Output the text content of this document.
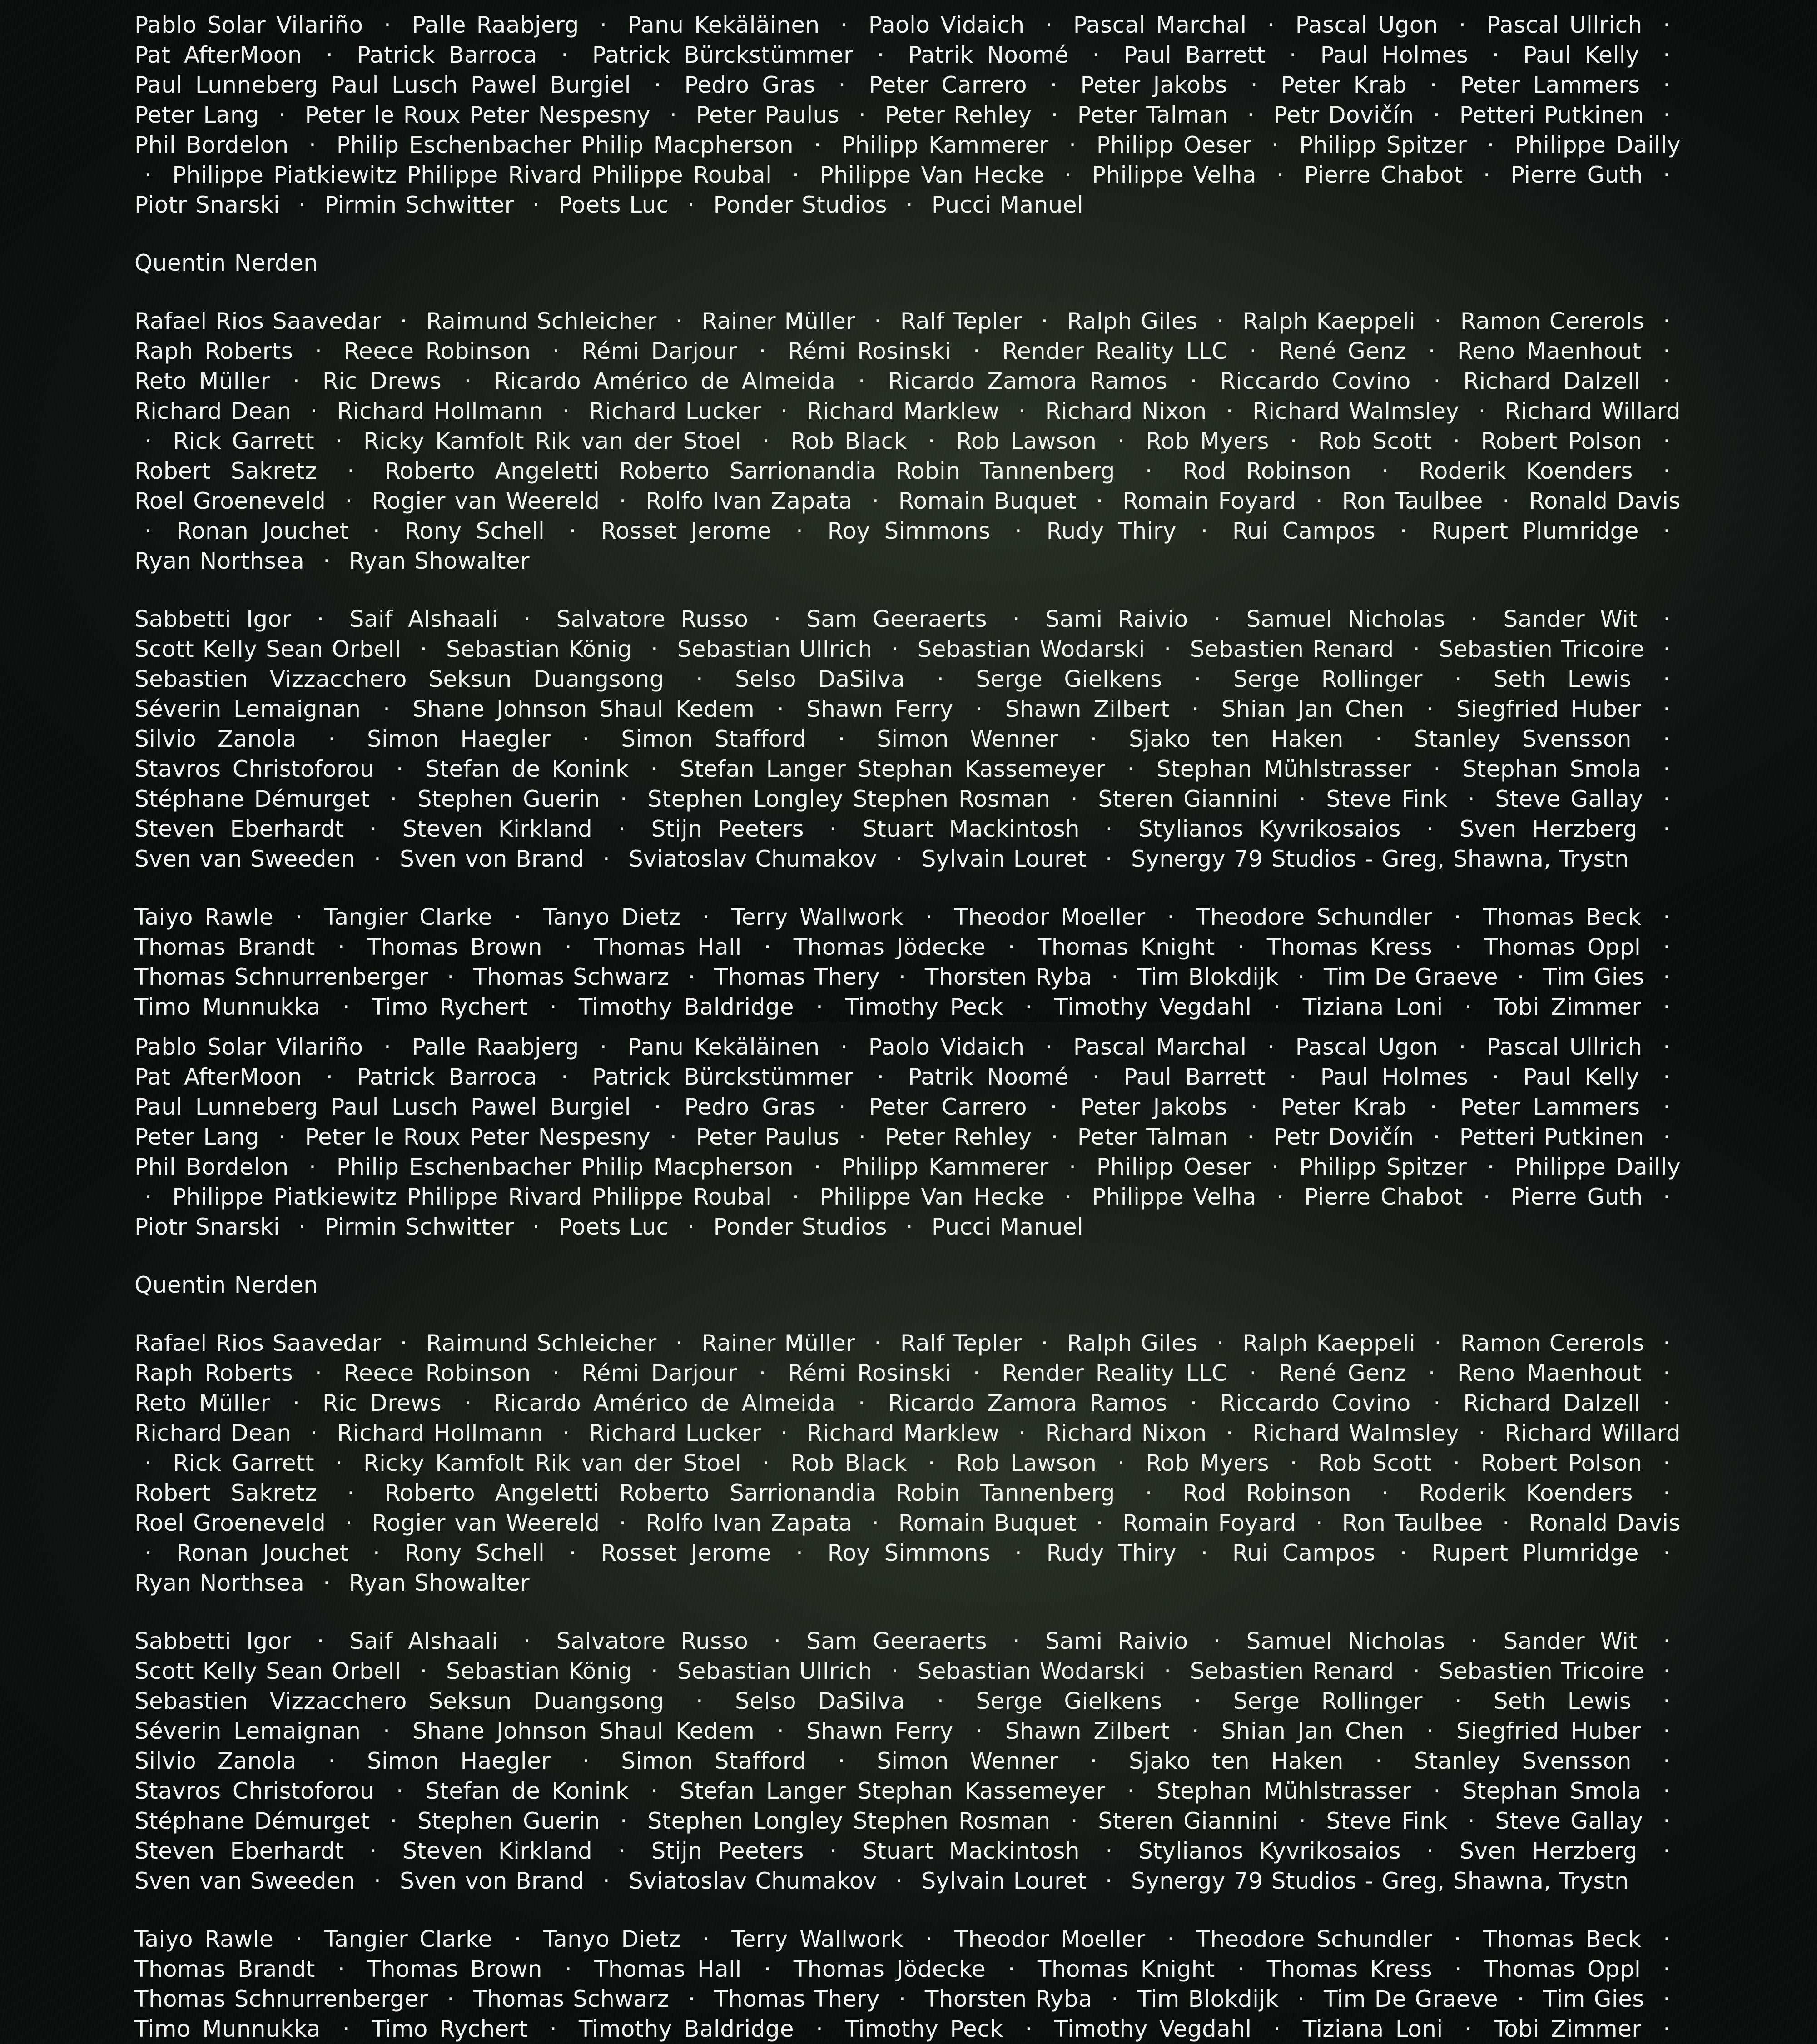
Pablo Solar Vilariño · Palle Raabjerg · Panu Kekäläinen · Paolo Vidaich · Pascal Marchal · Pascal Ugon · Pascal Ullrich · Pat AfterMoon · Patrick Barroca · Patrick Bürckstümmer · Patrik Noomé · Paul Barrett · Paul Holmes · Paul Kelly · Paul Lunneberg Paul Lusch Pawel Burgiel · Pedro Gras · Peter Carrero · Peter Jakobs · Peter Krab · Peter Lammers · Peter Lang · Peter le Roux Peter Nespesny · Peter Paulus · Peter Rehley · Peter Talman · Petr Dovičín · Petteri Putkinen · Phil Bordelon · Philip Eschenbacher Philip Macpherson · Philipp Kammerer · Philipp Oeser · Philipp Spitzer · Philippe Dailly · Philippe Piatkiewitz Philippe Rivard Philippe Roubal · Philippe Van Hecke · Philippe Velha · Pierre Chabot · Pierre Guth · Piotr Snarski · Pirmin Schwitter · Poets Luc · Ponder Studios · Pucci Manuel

Quentin Nerden

Rafael Rios Saavedar · Raimund Schleicher · Rainer Müller · Ralf Tepler · Ralph Giles · Ralph Kaeppeli · Ramon Cererols · Raph Roberts · Reece Robinson · Rémi Darjour · Rémi Rosinski · Render Reality LLC · René Genz · Reno Maenhout · Reto Müller · Ric Drews · Ricardo Américo de Almeida · Ricardo Zamora Ramos · Riccardo Covino · Richard Dalzell · Richard Dean · Richard Hollmann · Richard Lucker · Richard Marklew · Richard Nixon · Richard Walmsley · Richard Willard · Rick Garrett · Ricky Kamfolt Rik van der Stoel · Rob Black · Rob Lawson · Rob Myers · Rob Scott · Robert Polson · Robert Sakretz · Roberto Angeletti Roberto Sarrionandia Robin Tannenberg · Rod Robinson · Roderik Koenders · Roel Groeneveld · Rogier van Weereld · Rolfo Ivan Zapata · Romain Buquet · Romain Foyard · Ron Taulbee · Ronald Davis · Ronan Jouchet · Rony Schell · Rosset Jerome · Roy Simmons · Rudy Thiry · Rui Campos · Rupert Plumridge · Ryan Northsea · Ryan Showalter

Sabbetti Igor · Saif Alshaali · Salvatore Russo · Sam Geeraerts · Sami Raivio · Samuel Nicholas · Sander Wit · Scott Kelly Sean Orbell · Sebastian König · Sebastian Ullrich · Sebastian Wodarski · Sebastien Renard · Sebastien Tricoire · Sebastien Vizzacchero Seksun Duangsong · Selso DaSilva · Serge Gielkens · Serge Rollinger · Seth Lewis · Séverin Lemaignan · Shane Johnson Shaul Kedem · Shawn Ferry · Shawn Zilbert · Shian Jan Chen · Siegfried Huber · Silvio Zanola · Simon Haegler · Simon Stafford · Simon Wenner · Sjako ten Haken · Stanley Svensson · Stavros Christoforou · Stefan de Konink · Stefan Langer Stephan Kassemeyer · Stephan Mühlstrasser · Stephan Smola · Stéphane Démurget · Stephen Guerin · Stephen Longley Stephen Rosman · Steren Giannini · Steve Fink · Steve Gallay · Steven Eberhardt · Steven Kirkland · Stijn Peeters · Stuart Mackintosh · Stylianos Kyvrikosaios · Sven Herzberg · Sven van Sweeden · Sven von Brand · Sviatoslav Chumakov · Sylvain Louret · Synergy 79 Studios - Greg, Shawna, Trystn

Taiyo Rawle · Tangier Clarke · Tanyo Dietz · Terry Wallwork · Theodor Moeller · Theodore Schundler · Thomas Beck · Thomas Brandt · Thomas Brown · Thomas Hall · Thomas Jödecke · Thomas Knight · Thomas Kress · Thomas Oppl · Thomas Schnurrenberger · Thomas Schwarz · Thomas Thery · Thorsten Ryba · Tim Blokdijk · Tim De Graeve · Tim Gies · Timo Munnukka · Timo Rychert · Timothy Baldridge · Timothy Peck · Timothy Vegdahl · Tiziana Loni · Tobi Zimmer ·

Pablo Solar Vilariño · Palle Raabjerg · Panu Kekäläinen · Paolo Vidaich · Pascal Marchal · Pascal Ugon · Pascal Ullrich · Pat AfterMoon · Patrick Barroca · Patrick Bürckstümmer · Patrik Noomé · Paul Barrett · Paul Holmes · Paul Kelly · Paul Lunneberg Paul Lusch Pawel Burgiel · Pedro Gras · Peter Carrero · Peter Jakobs · Peter Krab · Peter Lammers · Peter Lang · Peter le Roux Peter Nespesny · Peter Paulus · Peter Rehley · Peter Talman · Petr Dovičín · Petteri Putkinen · Phil Bordelon · Philip Eschenbacher Philip Macpherson · Philipp Kammerer · Philipp Oeser · Philipp Spitzer · Philippe Dailly · Philippe Piatkiewitz Philippe Rivard Philippe Roubal · Philippe Van Hecke · Philippe Velha · Pierre Chabot · Pierre Guth · Piotr Snarski · Pirmin Schwitter · Poets Luc · Ponder Studios · Pucci Manuel

Quentin Nerden

Rafael Rios Saavedar · Raimund Schleicher · Rainer Müller · Ralf Tepler · Ralph Giles · Ralph Kaeppeli · Ramon Cererols · Raph Roberts · Reece Robinson · Rémi Darjour · Rémi Rosinski · Render Reality LLC · René Genz · Reno Maenhout · Reto Müller · Ric Drews · Ricardo Américo de Almeida · Ricardo Zamora Ramos · Riccardo Covino · Richard Dalzell · Richard Dean · Richard Hollmann · Richard Lucker · Richard Marklew · Richard Nixon · Richard Walmsley · Richard Willard · Rick Garrett · Ricky Kamfolt Rik van der Stoel · Rob Black · Rob Lawson · Rob Myers · Rob Scott · Robert Polson · Robert Sakretz · Roberto Angeletti Roberto Sarrionandia Robin Tannenberg · Rod Robinson · Roderik Koenders · Roel Groeneveld · Rogier van Weereld · Rolfo Ivan Zapata · Romain Buquet · Romain Foyard · Ron Taulbee · Ronald Davis · Ronan Jouchet · Rony Schell · Rosset Jerome · Roy Simmons · Rudy Thiry · Rui Campos · Rupert Plumridge · Ryan Northsea · Ryan Showalter

Sabbetti Igor · Saif Alshaali · Salvatore Russo · Sam Geeraerts · Sami Raivio · Samuel Nicholas · Sander Wit · Scott Kelly Sean Orbell · Sebastian König · Sebastian Ullrich · Sebastian Wodarski · Sebastien Renard · Sebastien Tricoire · Sebastien Vizzacchero Seksun Duangsong · Selso DaSilva · Serge Gielkens · Serge Rollinger · Seth Lewis · Séverin Lemaignan · Shane Johnson Shaul Kedem · Shawn Ferry · Shawn Zilbert · Shian Jan Chen · Siegfried Huber · Silvio Zanola · Simon Haegler · Simon Stafford · Simon Wenner · Sjako ten Haken · Stanley Svensson · Stavros Christoforou · Stefan de Konink · Stefan Langer Stephan Kassemeyer · Stephan Mühlstrasser · Stephan Smola · Stéphane Démurget · Stephen Guerin · Stephen Longley Stephen Rosman · Steren Giannini · Steve Fink · Steve Gallay · Steven Eberhardt · Steven Kirkland · Stijn Peeters · Stuart Mackintosh · Stylianos Kyvrikosaios · Sven Herzberg · Sven van Sweeden · Sven von Brand · Sviatoslav Chumakov · Sylvain Louret · Synergy 79 Studios - Greg, Shawna, Trystn

Taiyo Rawle · Tangier Clarke · Tanyo Dietz · Terry Wallwork · Theodor Moeller · Theodore Schundler · Thomas Beck · Thomas Brandt · Thomas Brown · Thomas Hall · Thomas Jödecke · Thomas Knight · Thomas Kress · Thomas Oppl · Thomas Schnurrenberger · Thomas Schwarz · Thomas Thery · Thorsten Ryba · Tim Blokdijk · Tim De Graeve · Tim Gies · Timo Munnukka · Timo Rychert · Timothy Baldridge · Timothy Peck · Timothy Vegdahl · Tiziana Loni · Tobi Zimmer ·
